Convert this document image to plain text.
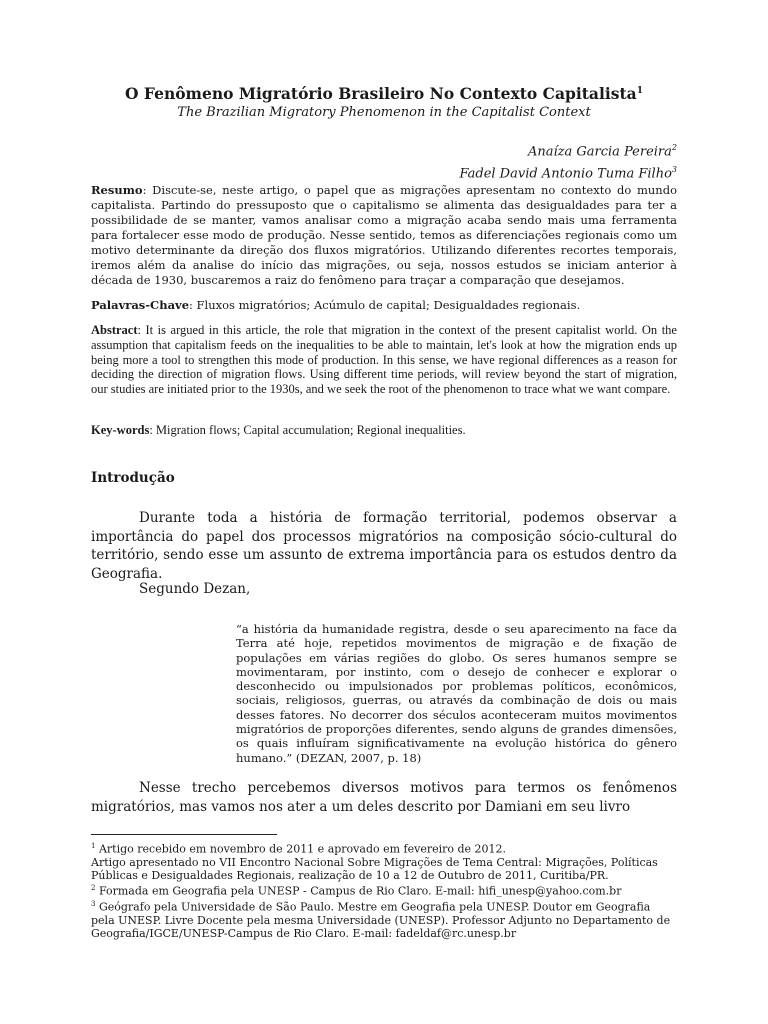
O Fenômeno Migratório Brasileiro No Contexto Capitalista$^1$

The Brazilian Migratory Phenomenon in the Capitalist Context

Anaíza Garcia Pereira$^2$
Fadel David Antonio Tuma Filho$^3$

Resumo: Discute-se, neste artigo, o papel que as migrações apresentam no contexto do mundo capitalista. Partindo do pressuposto que o capitalismo se alimenta das desigualdades para ter a possibilidade de se manter, vamos analisar como a migração acaba sendo mais uma ferramenta para fortalecer esse modo de produção. Nesse sentido, temos as diferenciações regionais como um motivo determinante da direção dos fluxos migratórios. Utilizando diferentes recortes temporais, iremos além da analise do início das migrações, ou seja, nossos estudos se iniciam anterior à década de 1930, buscaremos a raiz do fenômeno para traçar a comparação que desejamos.

Palavras-Chave: Fluxos migratórios; Acúmulo de capital; Desigualdades regionais.

Abstract: It is argued in this article, the role that migration in the context of the present capitalist world. On the assumption that capitalism feeds on the inequalities to be able to maintain, let's look at how the migration ends up being more a tool to strengthen this mode of production. In this sense, we have regional differences as a reason for deciding the direction of migration flows. Using different time periods, will review beyond the start of migration, our studies are initiated prior to the 1930s, and we seek the root of the phenomenon to trace what we want compare.

Key-words: Migration flows; Capital accumulation; Regional inequalities.

Introdução

Durante toda a história de formação territorial, podemos observar a importância do papel dos processos migratórios na composição sócio-cultural do território, sendo esse um assunto de extrema importância para os estudos dentro da Geografia.

Segundo Dezan,

“a história da humanidade registra, desde o seu aparecimento na face da Terra até hoje, repetidos movimentos de migração e de fixação de populações em várias regiões do globo. Os seres humanos sempre se movimentaram, por instinto, com o desejo de conhecer e explorar o desconhecido ou impulsionados por problemas políticos, econômicos, sociais, religiosos, guerras, ou através da combinação de dois ou mais desses fatores. No decorrer dos séculos aconteceram muitos movimentos migratórios de proporções diferentes, sendo alguns de grandes dimensões, os quais influíram significativamente na evolução histórica do gênero humano.” (DEZAN, 2007, p. 18)

Nesse trecho percebemos diversos motivos para termos os fenômenos migratórios, mas vamos nos ater a um deles descrito por Damiani em seu livro

$^1$ Artigo recebido em novembro de 2011 e aprovado em fevereiro de 2012.

Artigo apresentado no VII Encontro Nacional Sobre Migrações de Tema Central: Migrações, Políticas Públicas e Desigualdades Regionais, realização de 10 a 12 de Outubro de 2011, Curitiba/PR.

$^2$ Formada em Geografia pela UNESP - Campus de Rio Claro. E-mail: hifi_unesp@yahoo.com.br

$^3$ Geógrafo pela Universidade de São Paulo. Mestre em Geografia pela UNESP. Doutor em Geografia pela UNESP. Livre Docente pela mesma Universidade (UNESP). Professor Adjunto no Departamento de Geografia/IGCE/UNESP-Campus de Rio Claro. E-mail: fadeldaf@rc.unesp.br
